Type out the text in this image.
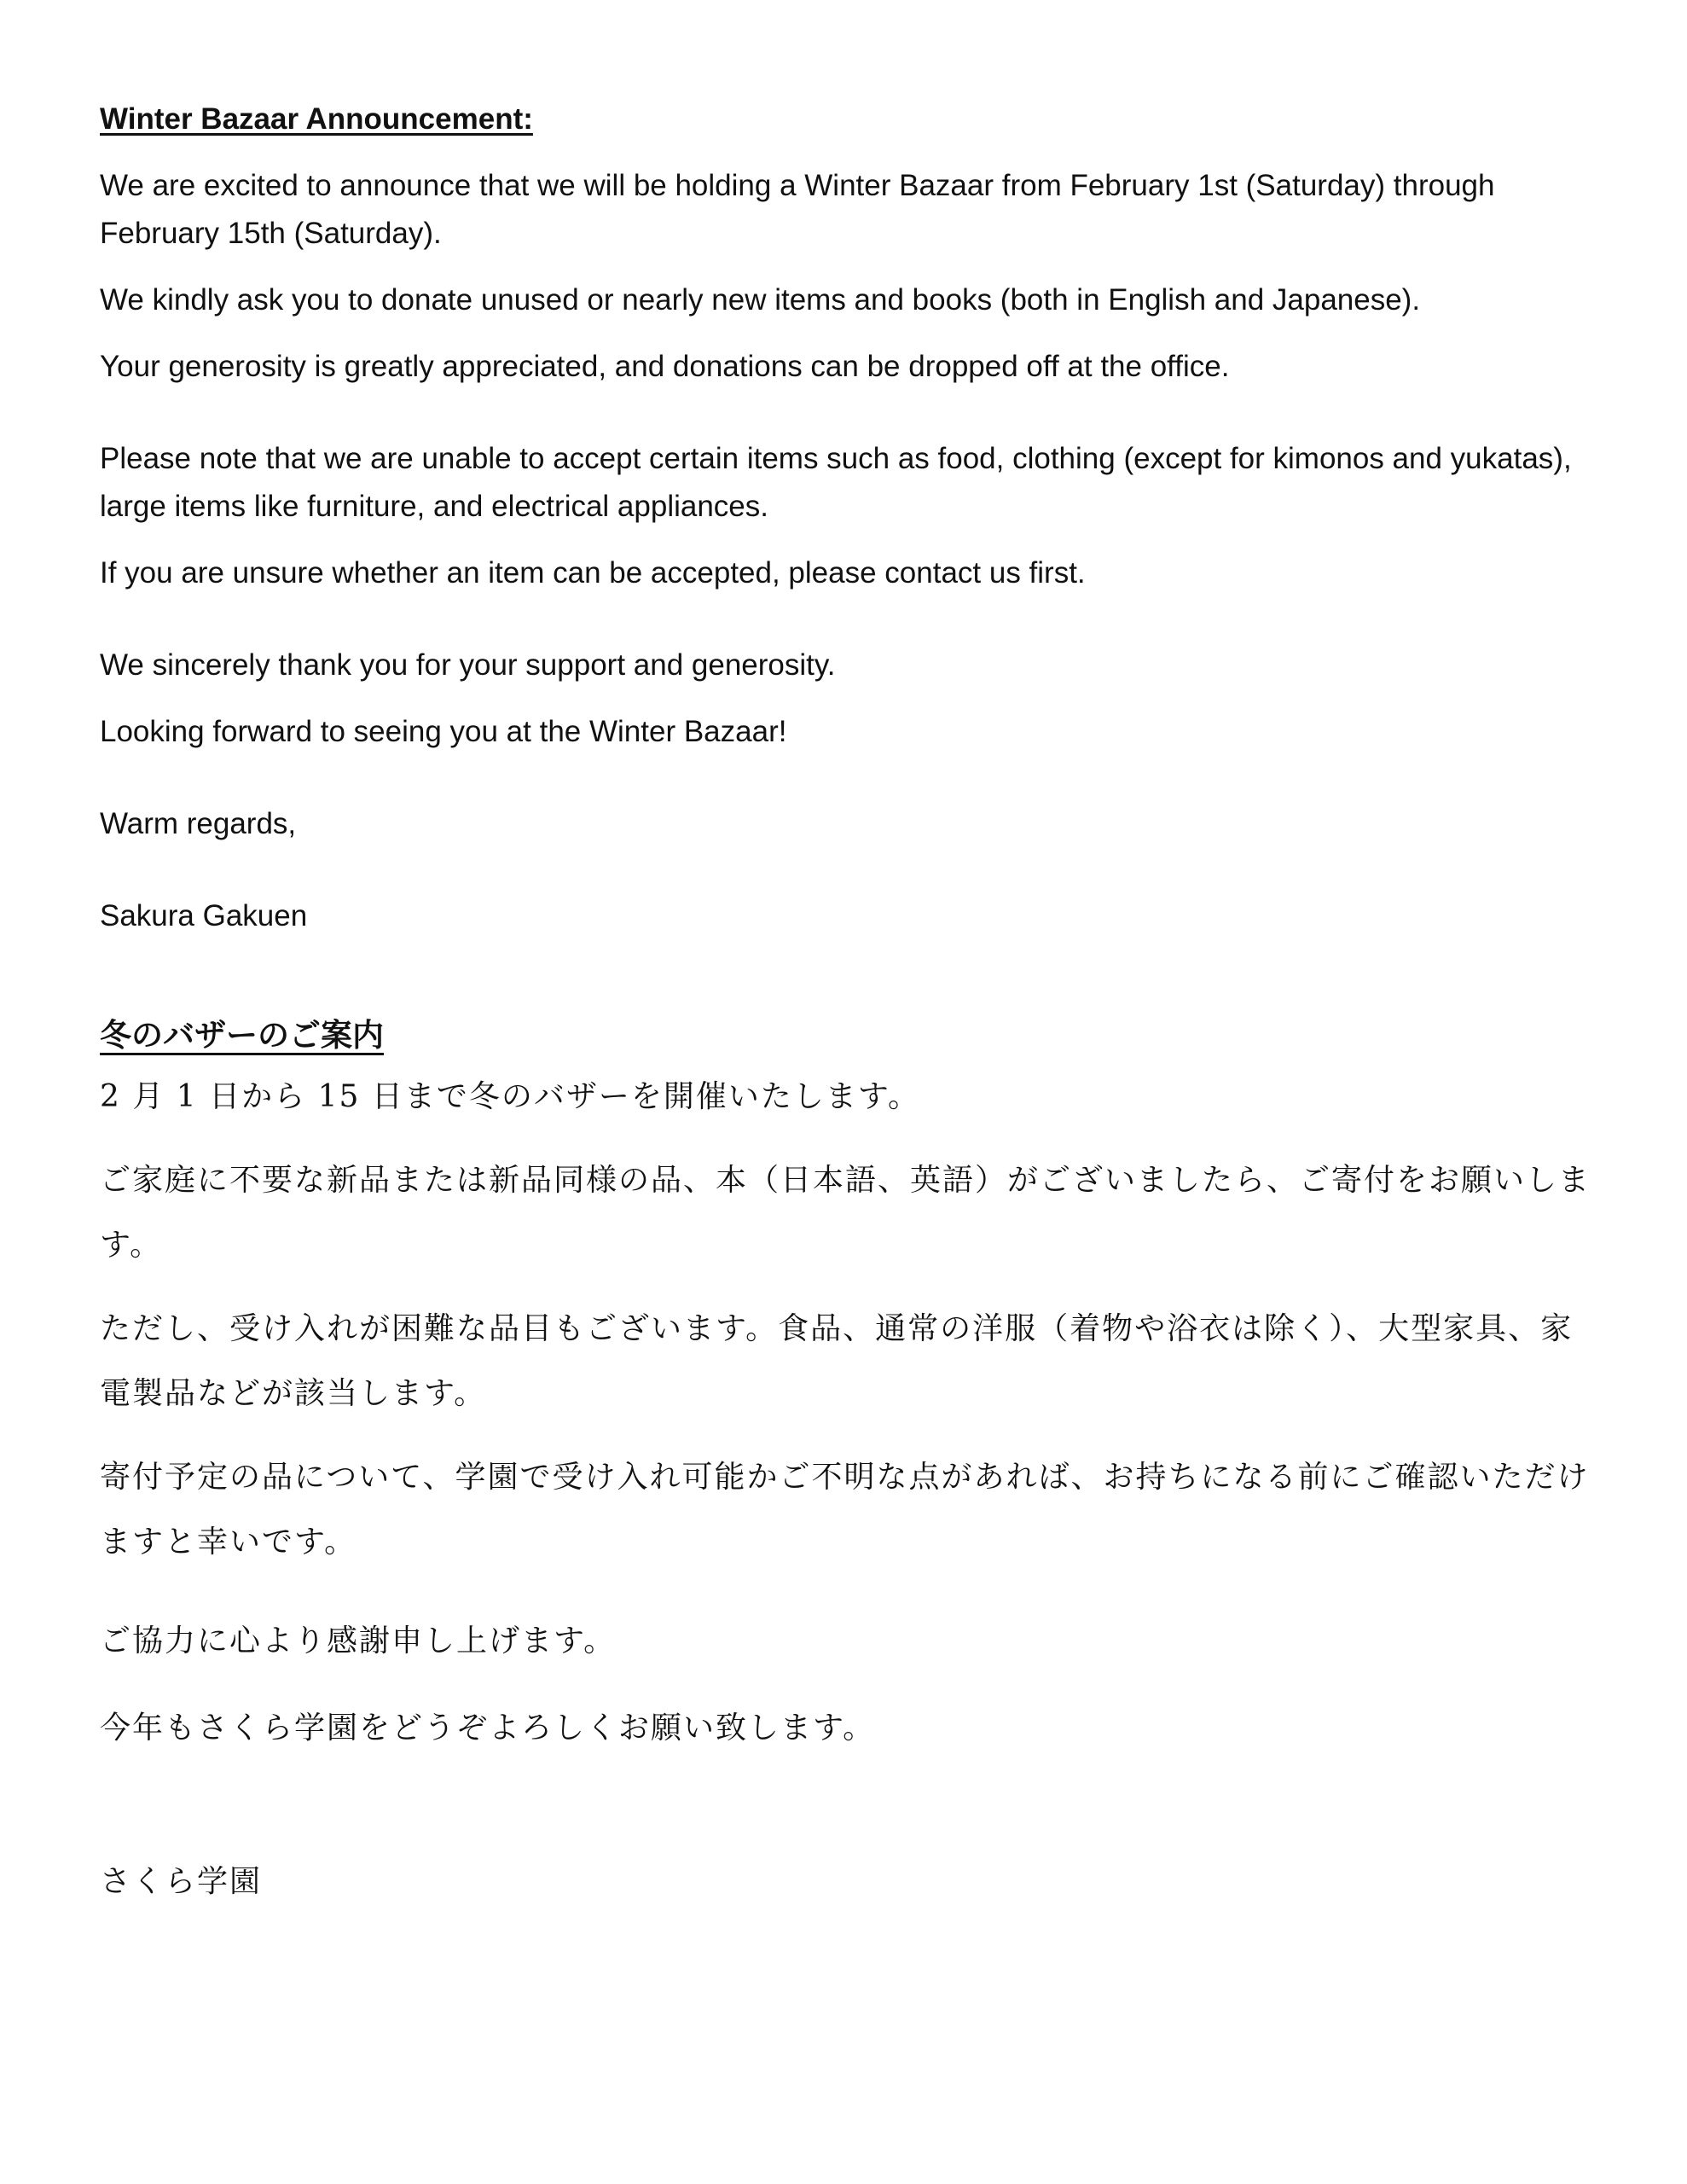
Winter Bazaar Announcement:

We are excited to announce that we will be holding a Winter Bazaar from February 1st (Saturday) through February 15th (Saturday).

We kindly ask you to donate unused or nearly new items and books (both in English and Japanese).

Your generosity is greatly appreciated, and donations can be dropped off at the office.

Please note that we are unable to accept certain items such as food, clothing (except for kimonos and yukatas), large items like furniture, and electrical appliances.

If you are unsure whether an item can be accepted, please contact us first.

We sincerely thank you for your support and generosity.

Looking forward to seeing you at the Winter Bazaar!

Warm regards,

Sakura Gakuen

冬のバザーのご案内

2 月 1 日から 15 日まで冬のバザーを開催いたします。

ご家庭に不要な新品または新品同様の品、本（日本語、英語）がございましたら、ご寄付をお願いします。

ただし、受け入れが困難な品目もございます。食品、通常の洋服（着物や浴衣は除く）、大型家具、家電製品などが該当します。

寄付予定の品について、学園で受け入れ可能かご不明な点があれば、お持ちになる前にご確認いただけますと幸いです。

ご協力に心より感謝申し上げます。

今年もさくら学園をどうぞよろしくお願い致します。

さくら学園
